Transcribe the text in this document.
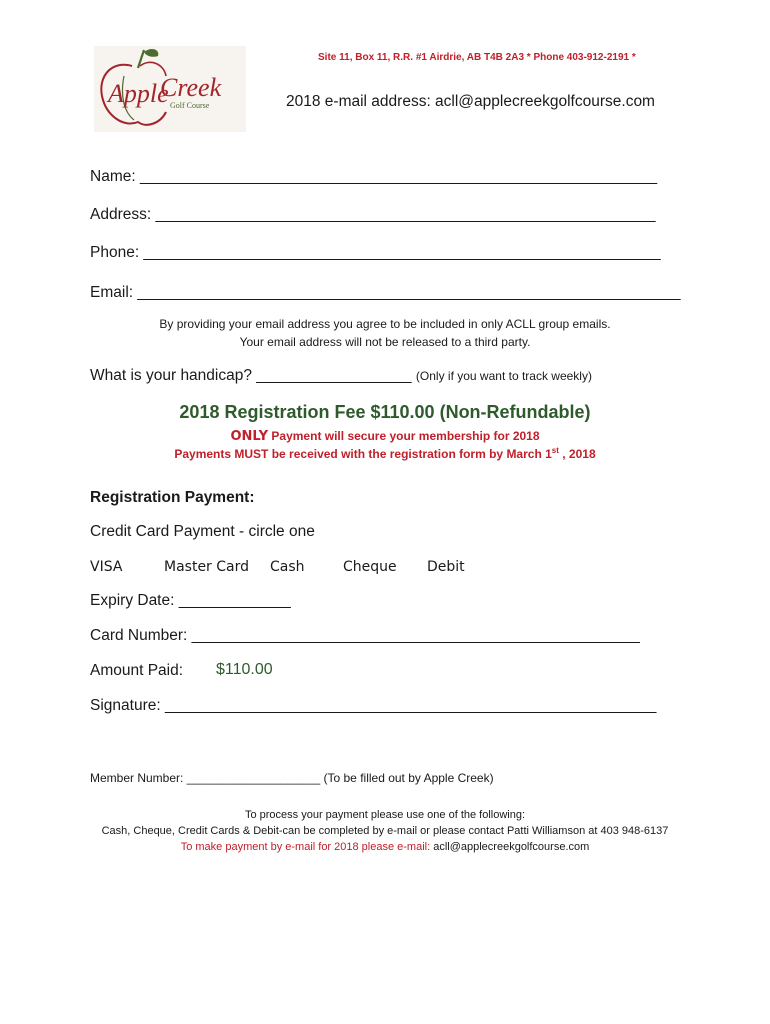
Apple
Creek
Golf Course
Site 11, Box 11, R.R. #1 Airdrie, AB T4B 2A3 * Phone 403-912-2191 *
2018 e-mail address: acll@applecreekgolfcourse.com
Name: ____________________________________________________________
Address: __________________________________________________________
Phone: ____________________________________________________________
Email: _______________________________________________________________
By providing your email address you agree to be included in only ACLL group emails.
Your email address will not be released to a third party.
What is your handicap? __________________ (Only if you want to track weekly)
2018 Registration Fee $110.00 (Non-Refundable)
ONLY Payment will secure your membership for 2018
Payments MUST be received with the registration form by March 1st , 2018
Registration Payment:
Credit Card Payment - circle one
VISA	Master Card Cash	Cheque Debit
Expiry Date: _____________
Card Number: ____________________________________________________
Amount Paid: $110.00
Signature: _________________________________________________________
Member Number: ____________________ (To be filled out by Apple Creek)
To process your payment please use one of the following:
Cash, Cheque, Credit Cards & Debit-can be completed by e-mail or please contact Patti Williamson at 403 948-6137
To make payment by e-mail for 2018 please e-mail: acll@applecreekgolfcourse.com
